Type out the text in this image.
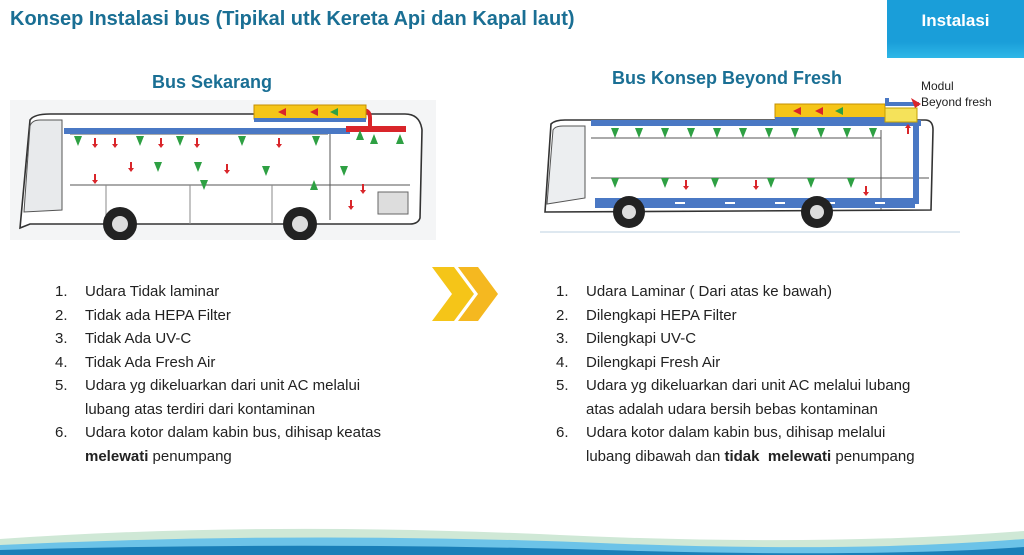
Konsep Instalasi bus (Tipikal utk Kereta Api dan Kapal laut)	Instalasi
Bus Sekarang	Bus Konsep Beyond Fresh	Modul
Beyond fresh
1. Udara Tidak laminar
2. Tidak ada HEPA Filter
3. Tidak Ada UV-C
4. Tidak Ada Fresh Air
5. Udara yg dikeluarkan dari unit AC melalui
lubang atas terdiri dari kontaminan
6. Udara kotor dalam kabin bus, dihisap keatas
melewati penumpang
1. Udara Laminar ( Dari atas ke bawah)
2. Dilengkapi HEPA Filter
3. Dilengkapi UV-C
4. Dilengkapi Fresh Air
5. Udara yg dikeluarkan dari unit AC melalui lubang
atas adalah udara bersih bebas kontaminan
6. Udara kotor dalam kabin bus, dihisap melalui
lubang dibawah dan tidak melewati penumpang
